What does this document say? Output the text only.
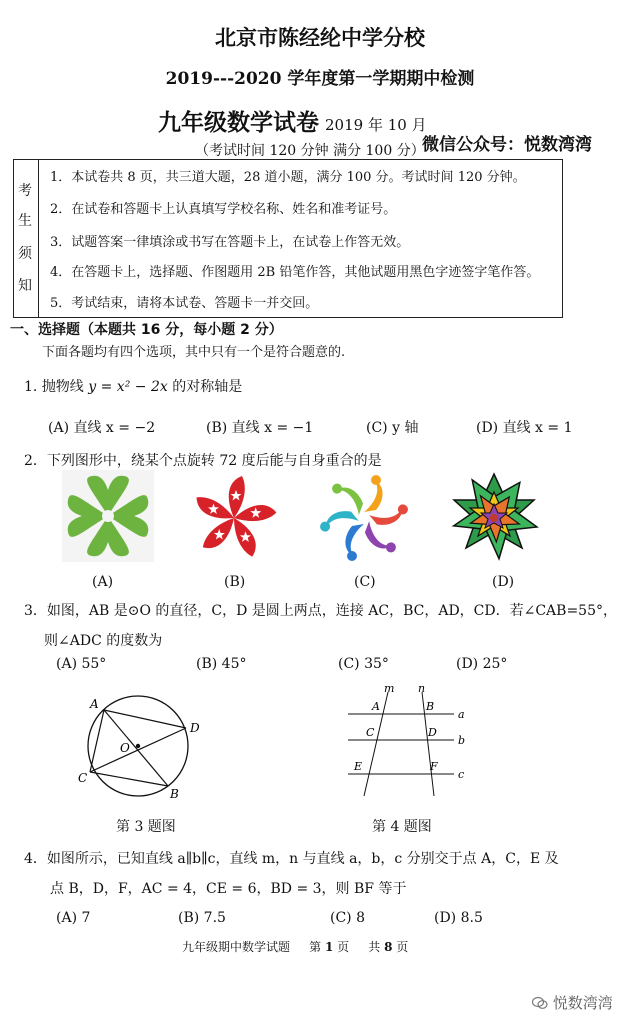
北京市陈经纶中学分校
2019---2020 学年度第一学期期中检测
九年级数学试卷 2019 年 10 月
（考试时间 120 分钟 满分 100 分）
微信公众号：悦数湾湾
考
生
须
知
1．本试卷共 8 页，共三道大题，28 道小题，满分 100 分。考试时间 120 分钟。
2．在试卷和答题卡上认真填写学校名称、姓名和准考证号。
3．试题答案一律填涂或书写在答题卡上，在试卷上作答无效。
4．在答题卡上，选择题、作图题用 2B 铅笔作答，其他试题用黑色字迹签字笔作答。
5．考试结束，请将本试卷、答题卡一并交回。
一、选择题（本题共 16 分，每小题 2 分）
下面各题均有四个选项，其中只有一个是符合题意的.
1. 抛物线 y = x² − 2x 的对称轴是
(A) 直线 x = −2	(B) 直线 x = −1	(C) y 轴	(D) 直线 x = 1
2．下列图形中，绕某个点旋转 72 度后能与自身重合的是
(A)	(B)	(C)	(D)
3．如图，AB 是⊙O 的直径，C，D 是圆上两点，连接 AC，BC，AD，CD．若∠CAB=55°，
则∠ADC 的度数为
(A) 55°	(B) 45°	(C) 35°	(D) 25°
A
D
O
C
B
m n
A	B
C	D
E	F
a
b
c
第 3 题图	第 4 题图
4．如图所示，已知直线 a∥b∥c，直线 m，n 与直线 a，b，c 分别交于点 A，C，E 及
点 B，D，F，AC = 4，CE = 6，BD = 3，则 BF 等于
(A) 7	(B) 7.5	(C) 8	(D) 8.5
九年级期中数学试题 第 1 页 共 8 页
悦数湾湾
